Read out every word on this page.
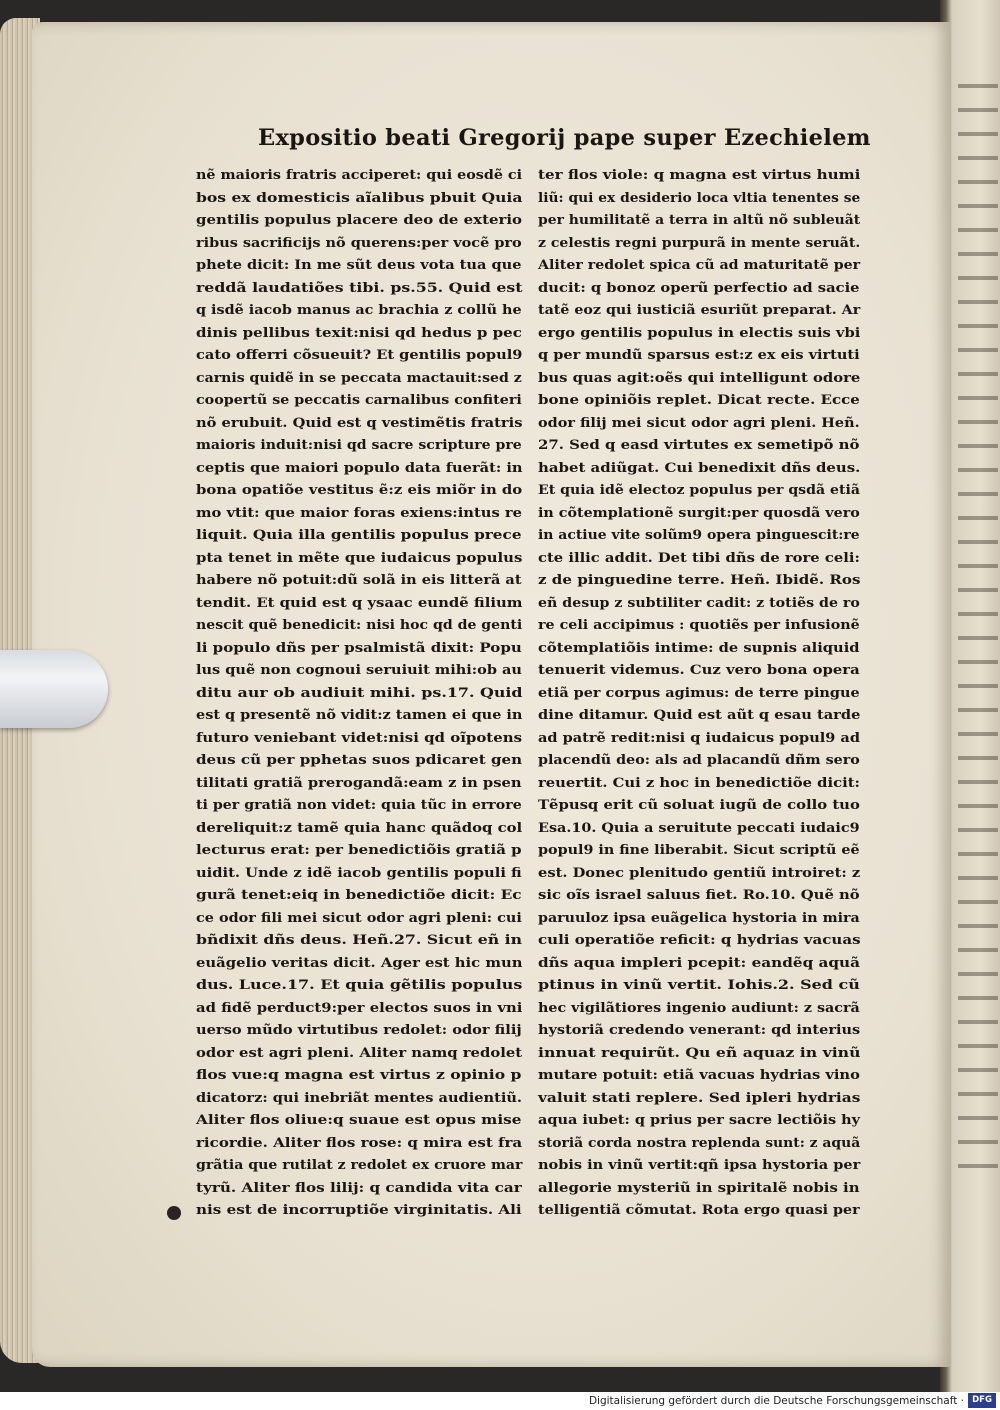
Expositio beati Gregorij pape super Ezechielem
nẽ maioris fratris acciperet: qui eosdẽ ci
bos ex domesticis aĩalibus pbuit Quia
gentilis populus placere deo de exterio
ribus sacrificijs nõ querens:per vocẽ pro
phete dicit: In me sũt deus vota tua que
reddã laudatiões tibi. ps.55. Quid est
q isdẽ iacob manus ac brachia z collũ he
dinis pellibus texit:nisi qd hedus p pec
cato offerri cõsueuit? Et gentilis popul9
carnis quidẽ in se peccata mactauit:sed z
coopertũ se peccatis carnalibus confiteri
nõ erubuit. Quid est q vestimẽtis fratris
maioris induit:nisi qd sacre scripture pre
ceptis que maiori populo data fuerãt: in
bona opatiõe vestitus ẽ:z eis miõr in do
mo vtit: que maior foras exiens:intus re
liquit. Quia illa gentilis populus prece
pta tenet in mẽte que iudaicus populus
habere nõ potuit:dũ solã in eis litterã at
tendit. Et quid est q ysaac eundẽ filium
nescit quẽ benedicit: nisi hoc qd de genti
li populo dñs per psalmistã dixit: Popu
lus quẽ non cognoui seruiuit mihi:ob au
ditu aur ob audiuit mihi. ps.17. Quid
est q presentẽ nõ vidit:z tamen ei que in
futuro veniebant videt:nisi qd oĩpotens
deus cũ per pphetas suos pdicaret gen
tilitati gratiã prerogandã:eam z in psen
ti per gratiã non videt: quia tũc in errore
dereliquit:z tamẽ quia hanc quãdoq col
lecturus erat: per benedictiõis gratiã p
uidit. Unde z idẽ iacob gentilis populi fi
gurã tenet:eiq in benedictiõe dicit: Ec
ce odor fili mei sicut odor agri pleni: cui
bñdixit dñs deus. Heñ.27. Sicut eñ in
euãgelio veritas dicit. Ager est hic mun
dus. Luce.17. Et quia gẽtilis populus
ad fidẽ perduct9:per electos suos in vni
uerso mũdo virtutibus redolet: odor filij
odor est agri pleni. Aliter namq redolet
flos vue:q magna est virtus z opinio p
dicatorz: qui inebriãt mentes audientiũ.
Aliter flos oliue:q suaue est opus mise
ricordie. Aliter flos rose: q mira est fra
grãtia que rutilat z redolet ex cruore mar
tyrũ. Aliter flos lilij: q candida vita car
nis est de incorruptiõe virginitatis. Ali
ter flos viole: q magna est virtus humi
liũ: qui ex desiderio loca vltia tenentes se
per humilitatẽ a terra in altũ nõ subleuãt
z celestis regni purpurã in mente seruãt.
Aliter redolet spica cũ ad maturitatẽ per
ducit: q bonoz operũ perfectio ad sacie
tatẽ eoz qui iusticiã esuriũt preparat. Ar
ergo gentilis populus in electis suis vbi
q per mundũ sparsus est:z ex eis virtuti
bus quas agit:oẽs qui intelligunt odore
bone opiniõis replet. Dicat recte. Ecce
odor filij mei sicut odor agri pleni. Heñ.
27. Sed q easd virtutes ex semetipõ nõ
habet adiũgat. Cui benedixit dñs deus.
Et quia idẽ electoz populus per qsdã etiã
in cõtemplationẽ surgit:per quosdã vero
in actiue vite solũm9 opera pinguescit:re
cte illic addit. Det tibi dñs de rore celi:
z de pinguedine terre. Heñ. Ibidẽ. Ros
eñ desup z subtiliter cadit: z totiẽs de ro
re celi accipimus : quotiẽs per infusionẽ
cõtemplatiõis intime: de supnis aliquid
tenuerit videmus. Cuz vero bona opera
etiã per corpus agimus: de terre pingue
dine ditamur. Quid est aũt q esau tarde
ad patrẽ redit:nisi q iudaicus popul9 ad
placendũ deo: als ad placandũ dñm sero
reuertit. Cui z hoc in benedictiõe dicit:
Tẽpusq erit cũ soluat iugũ de collo tuo
Esa.10. Quia a seruitute peccati iudaic9
popul9 in fine liberabit. Sicut scriptũ eẽ
est. Donec plenitudo gentiũ introiret: z
sic oĩs israel saluus fiet. Ro.10. Quẽ nõ
paruuloz ipsa euãgelica hystoria in mira
culi operatiõe reficit: q hydrias vacuas
dñs aqua impleri pcepit: eandẽq aquã
ptinus in vinũ vertit. Iohis.2. Sed cũ
hec vigilãtiores ingenio audiunt: z sacrã
hystoriã credendo venerant: qd interius
innuat requirũt. Qu eñ aquaz in vinũ
mutare potuit: etiã vacuas hydrias vino
valuit stati replere. Sed ipleri hydrias
aqua iubet: q prius per sacre lectiõis hy
storiã corda nostra replenda sunt: z aquã
nobis in vinũ vertit:qñ ipsa hystoria per
allegorie mysteriũ in spiritalẽ nobis in
telligentiã cõmutat. Rota ergo quasi per
Digitalisierung gefördert durch die Deutsche Forschungsgemeinschaft · DFG
